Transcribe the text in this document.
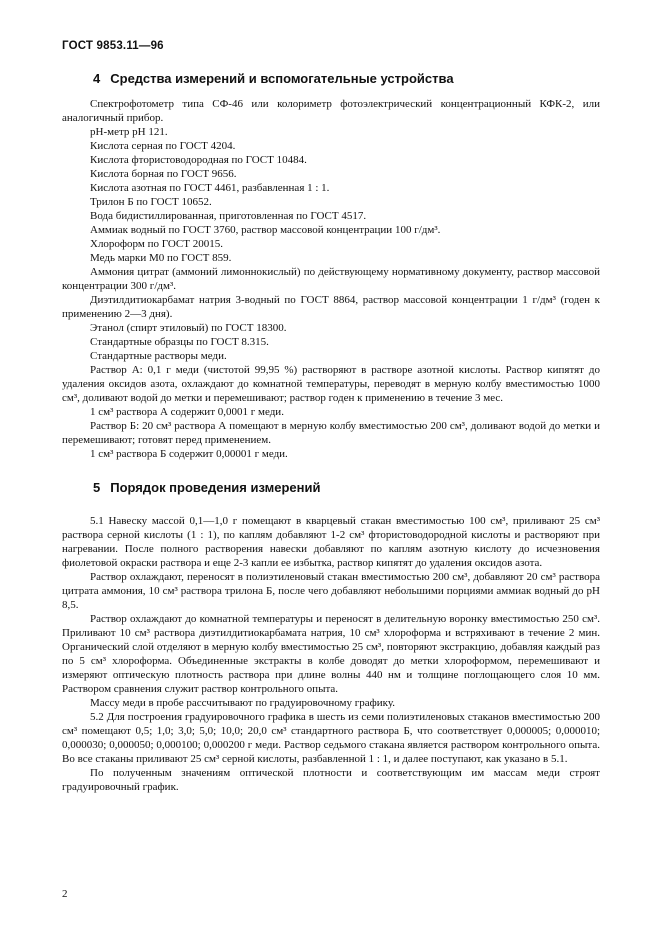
ГОСТ 9853.11—96
4 Средства измерений и вспомогательные устройства

Спектрофотометр типа СФ-46 или колориметр фотоэлектрический концентрационный КФК-2, или аналогичный прибор.

рН-метр рН 121.

Кислота серная по ГОСТ 4204.

Кислота фтористоводородная по ГОСТ 10484.

Кислота борная по ГОСТ 9656.

Кислота азотная по ГОСТ 4461, разбавленная 1 : 1.

Трилон Б по ГОСТ 10652.

Вода бидистиллированная, приготовленная по ГОСТ 4517.

Аммиак водный по ГОСТ 3760, раствор массовой концентрации 100 г/дм³.

Хлороформ по ГОСТ 20015.

Медь марки М0 по ГОСТ 859.

Аммония цитрат (аммоний лимоннокислый) по действующему нормативному документу, раствор массовой концентрации 300 г/дм³.

Диэтилдитиокарбамат натрия 3-водный по ГОСТ 8864, раствор массовой концентрации 1 г/дм³ (годен к применению 2—3 дня).

Этанол (спирт этиловый) по ГОСТ 18300.

Стандартные образцы по ГОСТ 8.315.

Стандартные растворы меди.

Раствор А: 0,1 г меди (чистотой 99,95 %) растворяют в растворе азотной кислоты. Раствор кипятят до удаления оксидов азота, охлаждают до комнатной температуры, переводят в мерную колбу вместимостью 1000 см³, доливают водой до метки и перемешивают; раствор годен к применению в течение 3 мес.

1 см³ раствора А содержит 0,0001 г меди.

Раствор Б: 20 см³ раствора А помещают в мерную колбу вместимостью 200 см³, доливают водой до метки и перемешивают; готовят перед применением.

1 см³ раствора Б содержит 0,00001 г меди.

5 Порядок проведения измерений

5.1 Навеску массой 0,1—1,0 г помещают в кварцевый стакан вместимостью 100 см³, приливают 25 см³ раствора серной кислоты (1 : 1), по каплям добавляют 1-2 см³ фтористоводородной кислоты и растворяют при нагревании. После полного растворения навески добавляют по каплям азотную кислоту до исчезновения фиолетовой окраски раствора и еще 2-3 капли ее избытка, раствор кипятят до удаления оксидов азота.

Раствор охлаждают, переносят в полиэтиленовый стакан вместимостью 200 см³, добавляют 20 см³ раствора цитрата аммония, 10 см³ раствора трилона Б, после чего добавляют небольшими порциями аммиак водный до рН 8,5.

Раствор охлаждают до комнатной температуры и переносят в делительную воронку вместимостью 250 см³. Приливают 10 см³ раствора диэтилдитиокарбамата натрия, 10 см³ хлороформа и встряхивают в течение 2 мин. Органический слой отделяют в мерную колбу вместимостью 25 см³, повторяют экстракцию, добавляя каждый раз по 5 см³ хлороформа. Объединенные экстракты в колбе доводят до метки хлороформом, перемешивают и измеряют оптическую плотность раствора при длине волны 440 нм и толщине поглощающего слоя 10 мм. Раствором сравнения служит раствор контрольного опыта.

Массу меди в пробе рассчитывают по градуировочному графику.

5.2 Для построения градуировочного графика в шесть из семи полиэтиленовых стаканов вместимостью 200 см³ помещают 0,5; 1,0; 3,0; 5,0; 10,0; 20,0 см³ стандартного раствора Б, что соответствует 0,000005; 0,000010; 0,000030; 0,000050; 0,000100; 0,000200 г меди. Раствор седьмого стакана является раствором контрольного опыта. Во все стаканы приливают 25 см³ серной кислоты, разбавленной 1 : 1, и далее поступают, как указано в 5.1.

По полученным значениям оптической плотности и соответствующим им массам меди строят градуировочный график.

2
